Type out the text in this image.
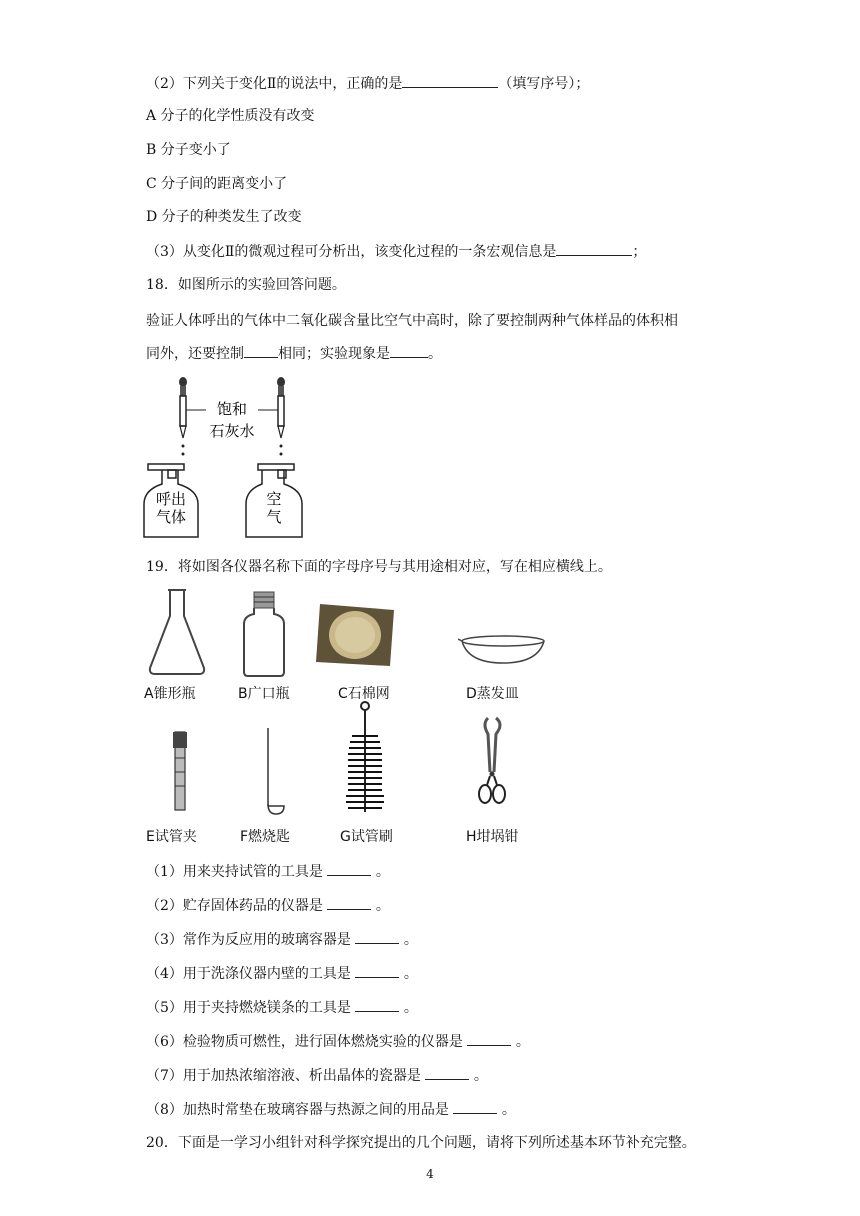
（2）下列关于变化Ⅱ的说法中，正确的是	（填写序号）；
A 分子的化学性质没有改变
B 分子变小了
C 分子间的距离变小了
D 分子的种类发生了改变
（3）从变化Ⅱ的微观过程可分析出，该变化过程的一条宏观信息是	；
18．如图所示的实验回答问题。
验证人体呼出的气体中二氧化碳含量比空气中高时，除了要控制两种气体样品的体积相
同外，还要控制 相同；实验现象是	。
饱和
石灰水
呼出
气体
空
气
19．将如图各仪器名称下面的字母序号与其用途相对应，写在相应横线上。
A锥形瓶	B广口瓶	C石棉网	D蒸发皿
E试管夹	F燃烧匙	G试管刷	H坩埚钳
（1）用来夹持试管的工具是	。
（2）贮存固体药品的仪器是	。
（3）常作为反应用的玻璃容器是	。
（4）用于洗涤仪器内壁的工具是	。
（5）用于夹持燃烧镁条的工具是	。
（6）检验物质可燃性，进行固体燃烧实验的仪器是	。
（7）用于加热浓缩溶液、析出晶体的瓷器是	。
（8）加热时常垫在玻璃容器与热源之间的用品是	。
20．下面是一学习小组针对科学探究提出的几个问题，请将下列所述基本环节补充完整。
4
